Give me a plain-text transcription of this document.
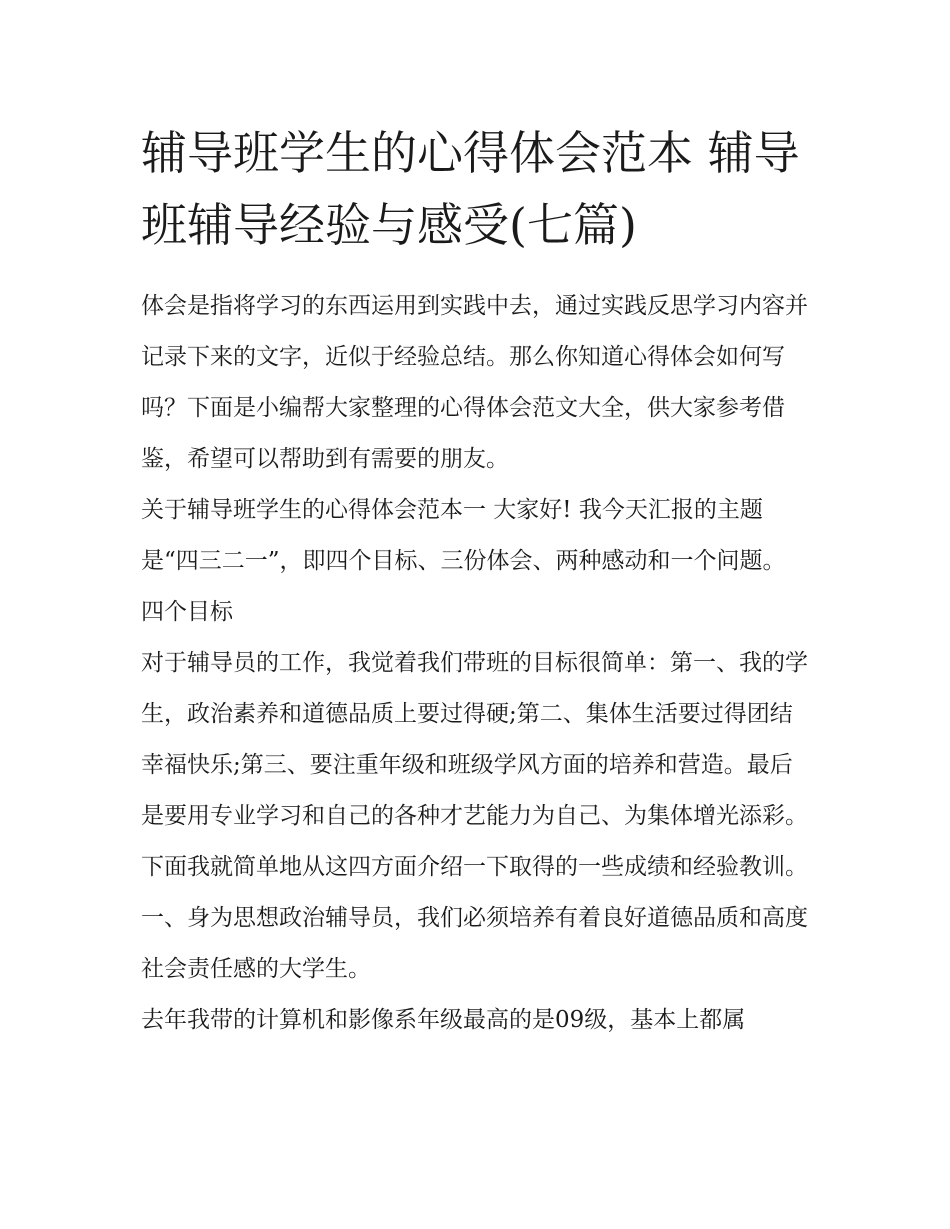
辅导班学生的心得体会范本 辅导班辅导经验与感受(七篇)

体会是指将学习的东西运用到实践中去，通过实践反思学习内容并记录下来的文字，近似于经验总结。那么你知道心得体会如何写吗？下面是小编帮大家整理的心得体会范文大全，供大家参考借鉴，希望可以帮助到有需要的朋友。

关于辅导班学生的心得体会范本一 大家好! 我今天汇报的主题是“四三二一”，即四个目标、三份体会、两种感动和一个问题。 四个目标

对于辅导员的工作，我觉着我们带班的目标很简单：第一、我的学生，政治素养和道德品质上要过得硬;第二、集体生活要过得团结幸福快乐;第三、要注重年级和班级学风方面的培养和营造。最后是要用专业学习和自己的各种才艺能力为自己、为集体增光添彩。下面我就简单地从这四方面介绍一下取得的一些成绩和经验教训。

一、身为思想政治辅导员，我们必须培养有着良好道德品质和高度社会责任感的大学生。

去年我带的计算机和影像系年级最高的是09级，基本上都属
